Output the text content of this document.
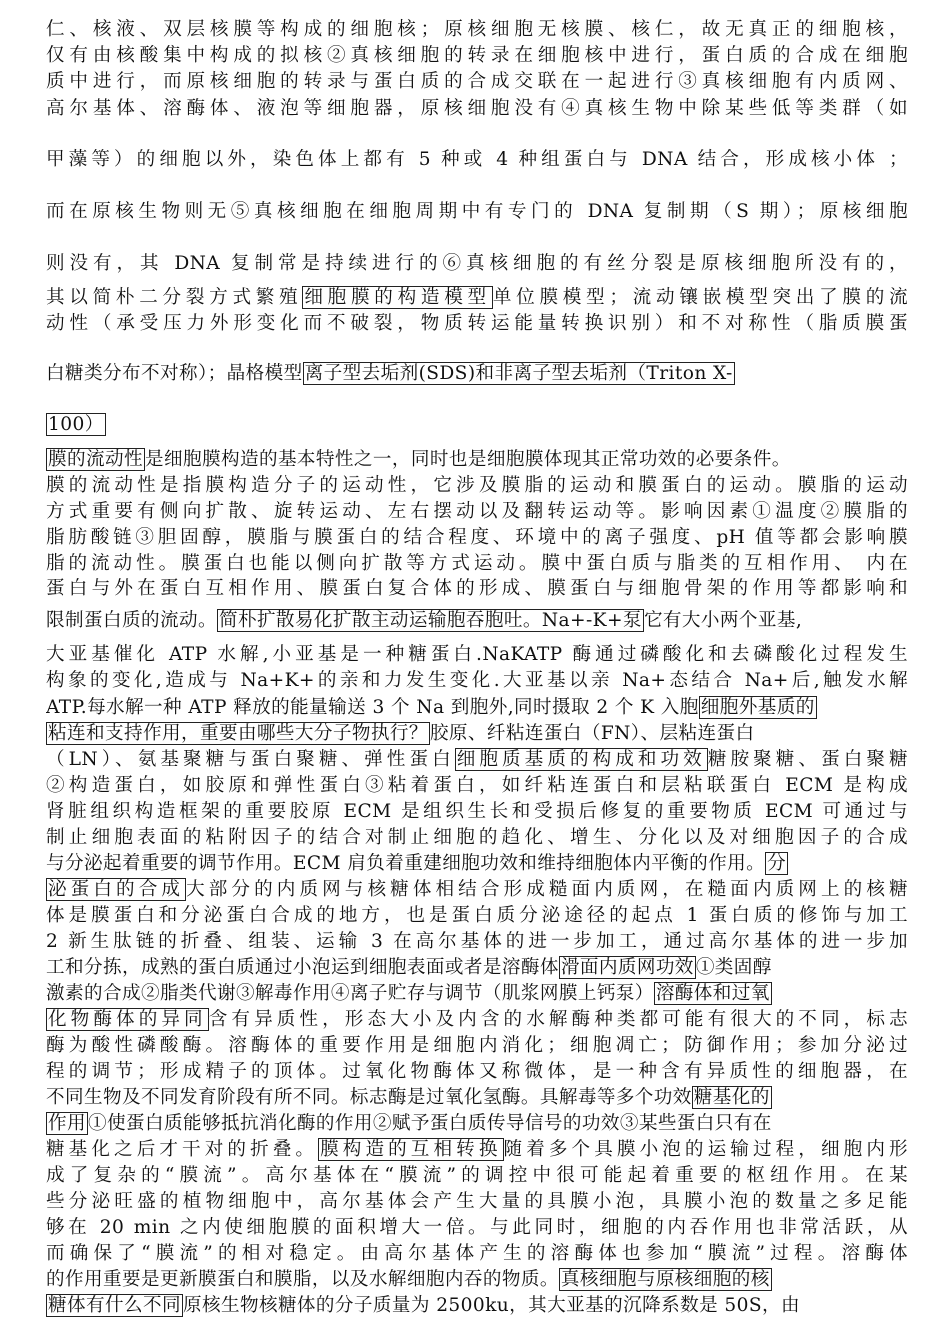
仁、核液、双层核膜等构成的细胞核；原核细胞无核膜、核仁，故无真正的细胞核，
仅有由核酸集中构成的拟核②真核细胞的转录在细胞核中进行，蛋白质的合成在细胞
质中进行，而原核细胞的转录与蛋白质的合成交联在一起进行③真核细胞有内质网、
高尔基体、溶酶体、液泡等细胞器，原核细胞没有④真核生物中除某些低等类群（如
甲藻等）的细胞以外，染色体上都有 5 种或 4 种组蛋白与 DNA 结合，形成核小体 ；
而在原核生物则无⑤真核细胞在细胞周期中有专门的 DNA 复制期（S 期）；原核细胞
则没有，其 DNA 复制常是持续进行的⑥真核细胞的有丝分裂是原核细胞所没有的，
其以简朴二分裂方式繁殖 细胞膜的构造模型 单位膜模型；流动镶嵌模型突出了膜的流
动性（承受压力外形变化而不破裂，物质转运能量转换识别）和不对称性（脂质膜蛋
白糖类分布不对称）；晶格模型 离子型去垢剂(SDS)和非离子型去垢剂（Triton X-
100）
膜的流动性 是细胞膜构造的基本特性之一，同时也是细胞膜体现其正常功效的必要条件。
膜的流动性是指膜构造分子的运动性，它涉及膜脂的运动和膜蛋白的运动。膜脂的运动
方式重要有侧向扩散、旋转运动、左右摆动以及翻转运动等。影响因素①温度②膜脂的
脂肪酸链③胆固醇，膜脂与膜蛋白的结合程度、环境中的离子强度、pH 值等都会影响膜
脂的流动性。膜蛋白也能以侧向扩散等方式运动。膜中蛋白质与脂类的互相作用、 内在
蛋白与外在蛋白互相作用、膜蛋白复合体的形成、膜蛋白与细胞骨架的作用等都影响和
限制蛋白质的流动。 简朴扩散易化扩散主动运输胞吞胞吐。Na+-K+泵 它有大小两个亚基,
大亚基催化 ATP 水解,小亚基是一种糖蛋白.NaKATP 酶通过磷酸化和去磷酸化过程发生
构象的变化,造成与 Na+K+的亲和力发生变化.大亚基以亲 Na+态结合 Na+后,触发水解
ATP.每水解一种 ATP 释放的能量输送 3 个 Na 到胞外,同时摄取 2 个 K 入胞 细胞外基质的
粘连和支持作用，重要由哪些大分子物执行？ 胶原、纤粘连蛋白（FN）、层粘连蛋白
（LN）、氨基聚糖与蛋白聚糖、弹性蛋白 细胞质基质的构成和功效 糖胺聚糖、蛋白聚糖
②构造蛋白，如胶原和弹性蛋白③粘着蛋白，如纤粘连蛋白和层粘联蛋白 ECM 是构成
肾脏组织构造框架的重要胶原 ECM 是组织生长和受损后修复的重要物质 ECM 可通过与
制止细胞表面的粘附因子的结合对制止细胞的趋化、增生、分化以及对细胞因子的合成
与分泌起着重要的调节作用。ECM 肩负着重建细胞功效和维持细胞体内平衡的作用。 分
泌蛋白的合成 大部分的内质网与核糖体相结合形成糙面内质网，在糙面内质网上的核糖
体是膜蛋白和分泌蛋白合成的地方，也是蛋白质分泌途径的起点 1 蛋白质的修饰与加工
2 新生肽链的折叠、组装、运输 3 在高尔基体的进一步加工，通过高尔基体的进一步加
工和分拣，成熟的蛋白质通过小泡运到细胞表面或者是溶酶体 滑面内质网功效 ①类固醇
激素的合成②脂类代谢③解毒作用④离子贮存与调节（肌浆网膜上钙泵） 溶酶体和过氧
化物酶体的异同 含有异质性，形态大小及内含的水解酶种类都可能有很大的不同，标志
酶为酸性磷酸酶。溶酶体的重要作用是细胞内消化；细胞凋亡；防御作用；参加分泌过
程的调节；形成精子的顶体。过氧化物酶体又称微体，是一种含有异质性的细胞器，在
不同生物及不同发育阶段有所不同。标志酶是过氧化氢酶。具解毒等多个功效 糖基化的
作用 ①使蛋白质能够抵抗消化酶的作用②赋予蛋白质传导信号的功效③某些蛋白只有在
糖基化之后才干对的折叠。 膜构造的互相转换 随着多个具膜小泡的运输过程，细胞内形
成了复杂的“膜流”。高尔基体在“膜流”的调控中很可能起着重要的枢纽作用。在某
些分泌旺盛的植物细胞中，高尔基体会产生大量的具膜小泡，具膜小泡的数量之多足能
够在 20 min 之内使细胞膜的面积增大一倍。与此同时，细胞的内吞作用也非常活跃，从
而确保了“膜流”的相对稳定。由高尔基体产生的溶酶体也参加“膜流”过程。溶酶体
的作用重要是更新膜蛋白和膜脂，以及水解细胞内吞的物质。 真核细胞与原核细胞的核
糖体有什么不同 原核生物核糖体的分子质量为 2500ku，其大亚基的沉降系数是 50S，由
